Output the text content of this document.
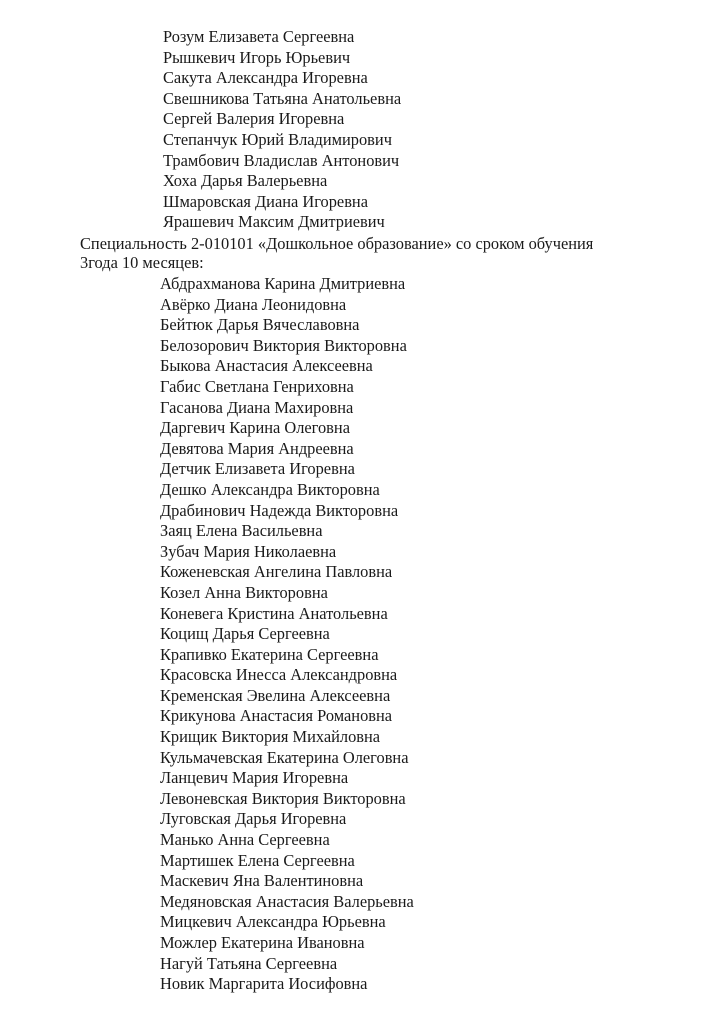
Розум Елизавета Сергеевна
Рышкевич Игорь Юрьевич
Сакута Александра Игоревна
Свешникова Татьяна Анатольевна
Сергей Валерия Игоревна
Степанчук Юрий Владимирович
Трамбович Владислав Антонович
Хоха Дарья Валерьевна
Шмаровская Диана Игоревна
Ярашевич Максим Дмитриевич

Специальность 2-010101 «Дошкольное образование» со сроком обучения
3года 10 месяцев:

Абдрахманова Карина Дмитриевна
Авёрко Диана Леонидовна
Бейтюк Дарья Вячеславовна
Белозорович Виктория Викторовна
Быкова Анастасия Алексеевна
Габис Светлана Генриховна
Гасанова Диана Махировна
Даргевич Карина Олеговна
Девятова Мария Андреевна
Детчик Елизавета Игоревна
Дешко Александра Викторовна
Драбинович Надежда Викторовна
Заяц Елена Васильевна
Зубач Мария Николаевна
Коженевская Ангелина Павловна
Козел Анна Викторовна
Коневега Кристина Анатольевна
Коцищ Дарья Сергеевна
Крапивко Екатерина Сергеевна
Красовска Инесса Александровна
Кременская Эвелина Алексеевна
Крикунова Анастасия Романовна
Крищик Виктория Михайловна
Кульмачевская Екатерина Олеговна
Ланцевич Мария Игоревна
Левоневская Виктория Викторовна
Луговская Дарья Игоревна
Манько Анна Сергеевна
Мартишек Елена Сергеевна
Маскевич Яна Валентиновна
Медяновская Анастасия Валерьевна
Мицкевич Александра Юрьевна
Можлер Екатерина Ивановна
Нагуй Татьяна Сергеевна
Новик Маргарита Иосифовна
